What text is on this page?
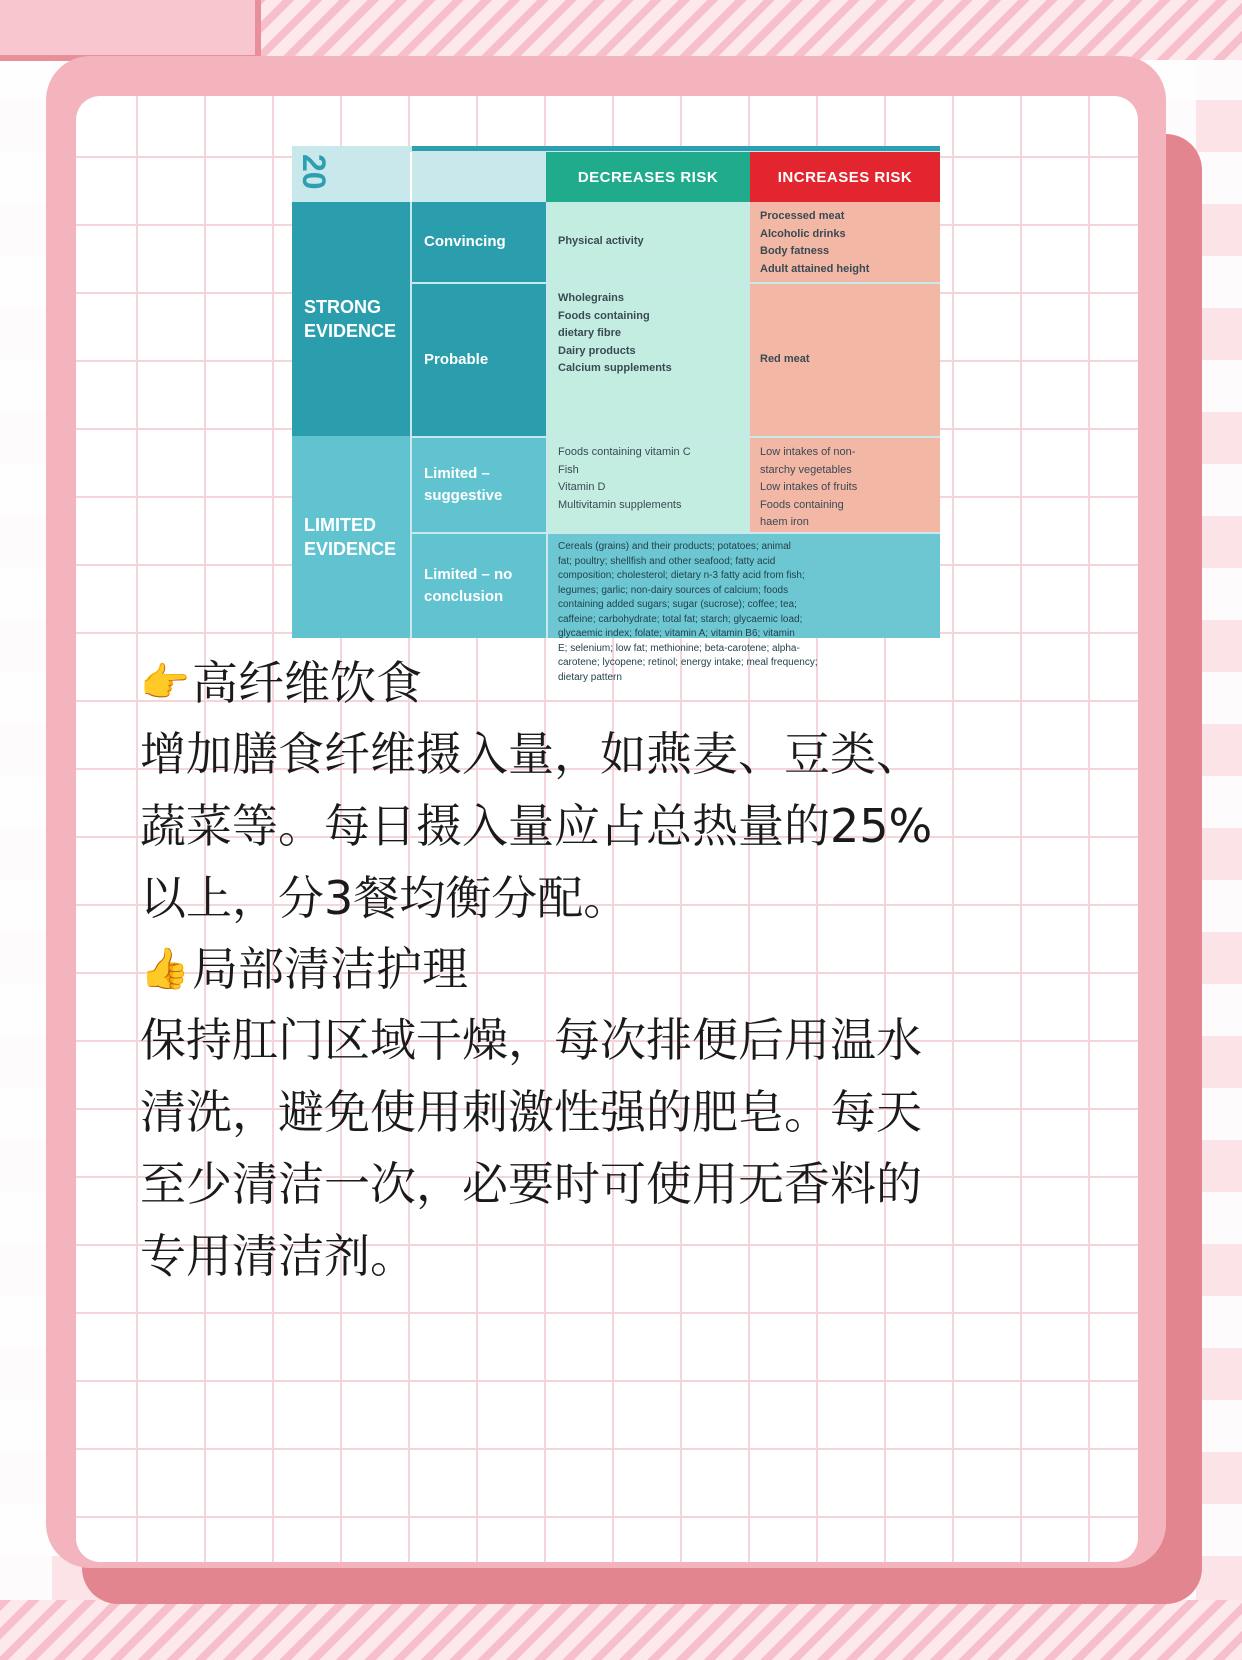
20	DECREASES RISK	INCREASES RISK
STRONG EVIDENCE
LIMITED EVIDENCE
Convincing
Probable
Limited – suggestive
Limited – no conclusion
Physical activity
Wholegrains
Foods containing
dietary fibre
Dairy products
Calcium supplements
Foods containing vitamin C
Fish
Vitamin D
Multivitamin supplements
Processed meat
Alcoholic drinks
Body fatness
Adult attained height
Red meat
Low intakes of non-
starchy vegetables
Low intakes of fruits
Foods containing
haem iron
Cereals (grains) and their products; potatoes; animal
fat; poultry; shellfish and other seafood; fatty acid
composition; cholesterol; dietary n-3 fatty acid from fish;
legumes; garlic; non-dairy sources of calcium; foods
containing added sugars; sugar (sucrose); coffee; tea;
caffeine; carbohydrate; total fat; starch; glycaemic load;
glycaemic index; folate; vitamin A; vitamin B6; vitamin
E; selenium; low fat; methionine; beta-carotene; alpha-
carotene; lycopene; retinol; energy intake; meal frequency;
dietary pattern
👉 高纤维饮食

增加膳食纤维摄入量，如燕麦、豆类、
蔬菜等。每日摄入量应占总热量的25%
以上，分3餐均衡分配。

👍 局部清洁护理

保持肛门区域干燥，每次排便后用温水
清洗，避免使用刺激性强的肥皂。每天
至少清洁一次，必要时可使用无香料的
专用清洁剂。
